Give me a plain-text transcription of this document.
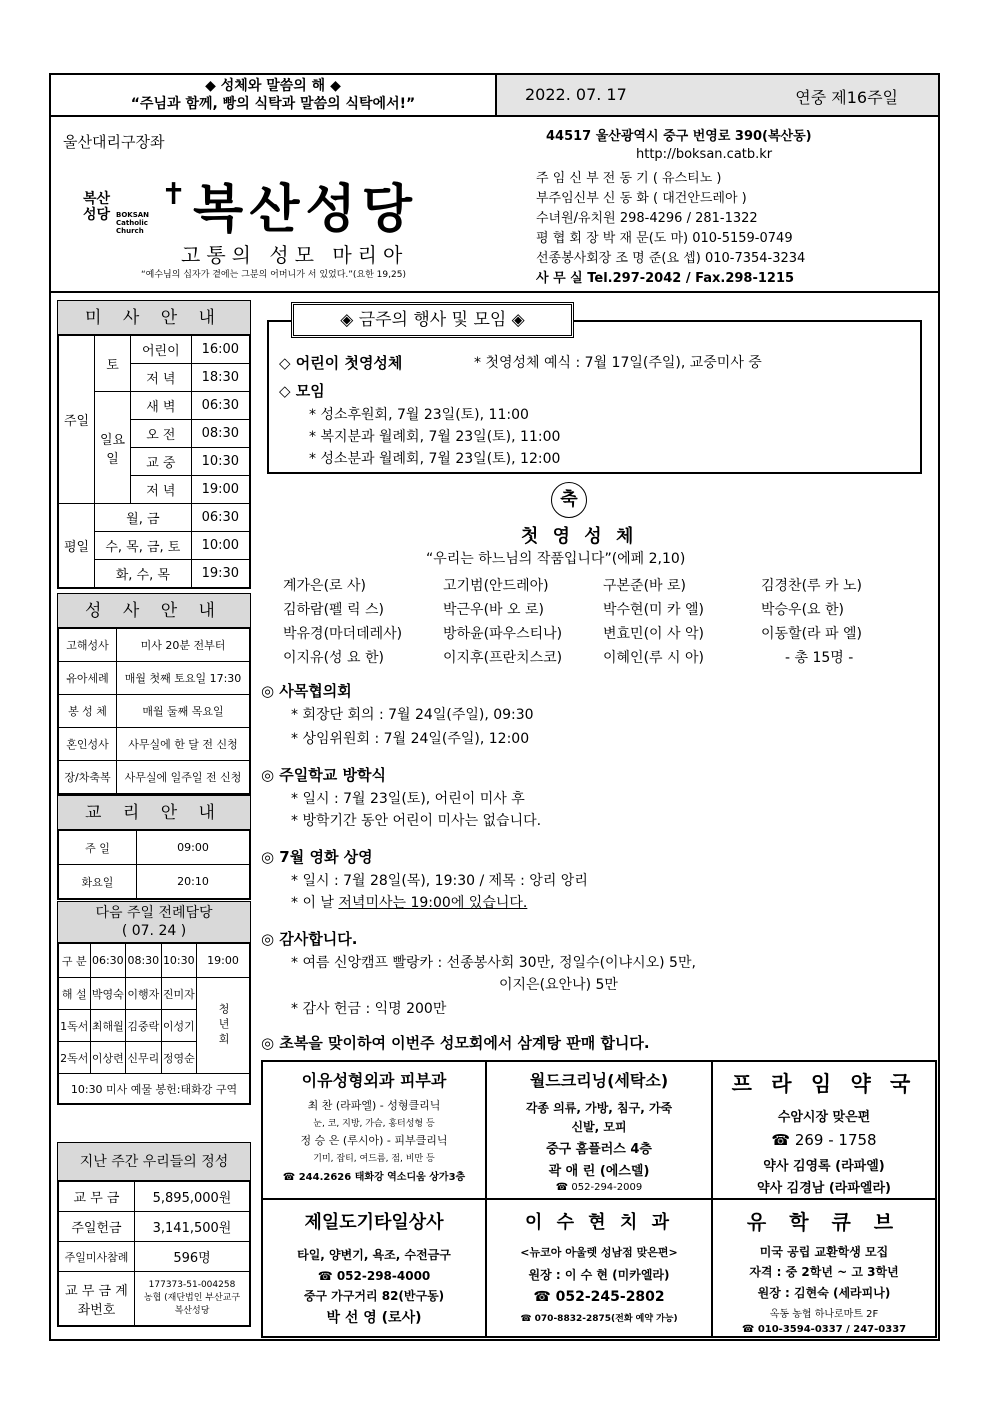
◆ 성체와 말씀의 해 ◆
“주님과 함께, 빵의 식탁과 말씀의 식탁에서!”	2022. 07. 17	연중 제16주일
울산대리구장좌
복산
성당 BOKSAN
Catholic Church
✝ 복산성당
고통의 성모 마리아
“예수님의 십자가 곁에는 그분의 어머니가 서 있었다.”(요한 19,25)
44517 울산광역시 중구 번영로 390(복산동)
http://boksan.catb.kr
주 임 신 부 전 동 기 ( 유스티노 )
부주임신부 신 동 화 ( 대건안드레아 )
수녀원/유치원 298-4296 / 281-1322
평 협 회 장 박 재 문(도 마) 010-5159-0749
선종봉사회장 조 명 준(요 셉) 010-7354-3234
사 무 실 Tel.297-2042 / Fax.298-1215
미 사 안 내
주일	토	어린이	16:00
		저 녁	18:30
	일요일	새 벽	06:30
		오 전	08:30
		교 중	10:30
		저 녁	19:00
평일	월, 금		06:30
	수, 목, 금, 토		10:00
	화, 수, 목		19:30
성 사 안 내
고해성사	미사 20분 전부터
유아세례	매월 첫째 토요일 17:30
봉 성 체	매월 둘째 목요일
혼인성사	사무실에 한 달 전 신청
장/차축복	사무실에 일주일 전 신청
교 리 안 내
주 일	09:00
화요일	20:10
다음 주일 전례담당
( 07. 24 )
구 분	06:30	08:30	10:30	19:00
해 설	박영숙	이행자	진미자	청년회
1독서	최해월	김중락	이성기	
2독서	이상련	신무리	정영순	
10:30 미사 예물 봉헌:태화강 구역				
지난 주간 우리들의 정성
교 무 금	5,895,000원
주일헌금	3,141,500원
주일미사참례	596명
교 무 금 계좌번호	177373-51-004258
농협 (재단법인 부산교구
복산성당
◇ 어린이 첫영성체	* 첫영성체 예식 : 7월 17일(주일), 교중미사 중
◇ 모임
* 성소후원회, 7월 23일(토), 11:00
* 복지분과 월례회, 7월 23일(토), 11:00
* 성소분과 월례회, 7월 23일(토), 12:00
◈ 금주의 행사 및 모임 ◈
축
첫 영 성 체
“우리는 하느님의 작품입니다”(에페 2,10)
계가은(로 사)	고기범(안드레아)	구본준(바 로)	김경찬(루 카 노)
김하람(펠 릭 스)	박근우(바 오 로)	박수현(미 카 엘)	박승우(요 한)
박유경(마더데레사)	방하윤(파우스티나)	변효민(이 사 악)	이동할(라 파 엘)
이지유(성 요 한)	이지후(프란치스코)	이혜인(루 시 아)	- 총 15명 -
◎ 사목협의회
* 회장단 회의 : 7월 24일(주일), 09:30
* 상임위원회 : 7월 24일(주일), 12:00
◎ 주일학교 방학식
* 일시 : 7월 23일(토), 어린이 미사 후
* 방학기간 동안 어린이 미사는 없습니다.
◎ 7월 영화 상영
* 일시 : 7월 28일(목), 19:30 / 제목 : 앙리 앙리
* 이 날 저녁미사는 19:00에 있습니다.
◎ 감사합니다.
* 여름 신앙캠프 빨랑카 : 선종봉사회 30만, 정일수(이냐시오) 5만,
이지은(요안나) 5만
* 감사 헌금 : 익명 200만
◎ 초복을 맞이하여 이번주 성모회에서 삼계탕 판매 합니다.
이유성형외과 피부과
최 찬 (라파엘) - 성형클리닉
눈, 코, 지방, 가슴, 홍터성형 등
정 승 은 (루시아) - 피부클리닉
기미, 잡티, 여드름, 점, 비만 등
☎ 244.2626 태화강 역소디움 상가3층
월드크리닝(세탁소)
각종 의류, 가방, 침구, 가죽
신발, 모피
중구 홈플러스 4층
곽 애 린 (에스델)
☎ 052-294-2009
프 라 임 약 국
수암시장 맞은편
☎ 269 - 1758
약사 김영록 (라파엘)
약사 김경남 (라파엘라)
제일도기타일상사
타일, 양변기, 욕조, 수전금구
☎ 052-298-4000
중구 가구거리 82(반구동)
박 선 영 (로사)
이 수 현 치 과
<뉴코아 아울렛 성남점 맞은편>
원장 : 이 수 현 (미카엘라)
☎ 052-245-2802
☎ 070-8832-2875(전화 예약 가능)
유 학 큐 브
미국 공립 교환학생 모집
자격 : 중 2학년 ~ 고 3학년
원장 : 김현숙 (세라피나)
옥동 농협 하나로마트 2F
☎ 010-3594-0337 / 247-0337
